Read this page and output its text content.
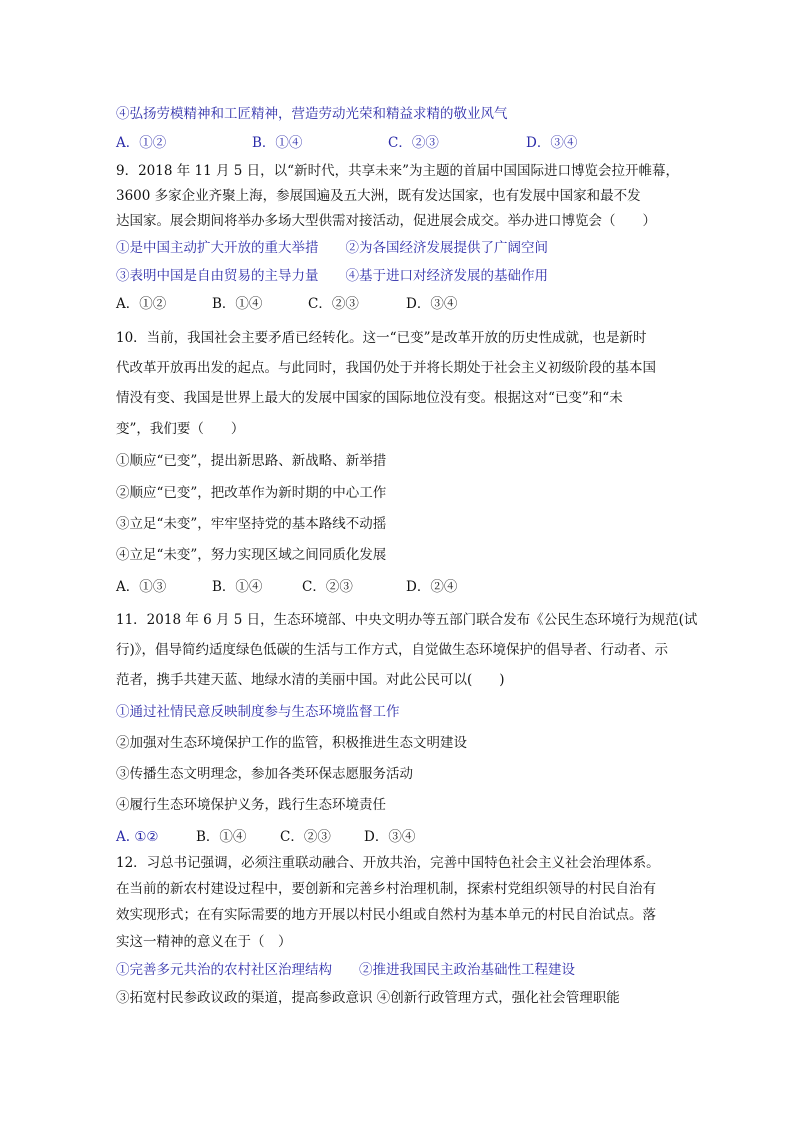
④弘扬劳模精神和工匠精神，营造劳动光荣和精益求精的敬业风气
A．①②	B．①④	C．②③	D．③④
9．2018 年 11 月 5 日，以“新时代，共享未来”为主题的首届中国国际进口博览会拉开帷幕，
3600 多家企业齐聚上海，参展国遍及五大洲，既有发达国家，也有发展中国家和最不发
达国家。展会期间将举办多场大型供需对接活动，促进展会成交。举办进口博览会（　　）
①是中国主动扩大开放的重大举措　　②为各国经济发展提供了广阔空间
③表明中国是自由贸易的主导力量　　④基于进口对经济发展的基础作用
A．①②	B．①④	C．②③	D．③④
10．当前，我国社会主要矛盾已经转化。这一“已变”是改革开放的历史性成就，也是新时
代改革开放再出发的起点。与此同时，我国仍处于并将长期处于社会主义初级阶段的基本国
情没有变、我国是世界上最大的发展中国家的国际地位没有变。根据这对“已变”和“未
变”，我们要（　　）
①顺应“已变”，提出新思路、新战略、新举措
②顺应“已变”，把改革作为新时期的中心工作
③立足“未变”，牢牢坚持党的基本路线不动摇
④立足“未变”，努力实现区域之间同质化发展
A．①③	B．①④	C．②③	D．②④
11．2018 年 6 月 5 日，生态环境部、中央文明办等五部门联合发布《公民生态环境行为规范(试
行)》，倡导简约适度绿色低碳的生活与工作方式，自觉做生态环境保护的倡导者、行动者、示
范者，携手共建天蓝、地绿水清的美丽中国。对此公民可以(　　)
①通过社情民意反映制度参与生态环境监督工作
②加强对生态环境保护工作的监管，积极推进生态文明建设
③传播生态文明理念，参加各类环保志愿服务活动
④履行生态环境保护义务，践行生态环境责任
A. ①②	B．①④ C．②③ D．③④
12．习总书记强调，必须注重联动融合、开放共治，完善中国特色社会主义社会治理体系。
在当前的新农村建设过程中，要创新和完善乡村治理机制，探索村党组织领导的村民自治有
效实现形式；在有实际需要的地方开展以村民小组或自然村为基本单元的村民自治试点。落
实这一精神的意义在于（　）
①完善多元共治的农村社区治理结构　　②推进我国民主政治基础性工程建设
③拓宽村民参政议政的渠道，提高参政意识 ④创新行政管理方式，强化社会管理职能
